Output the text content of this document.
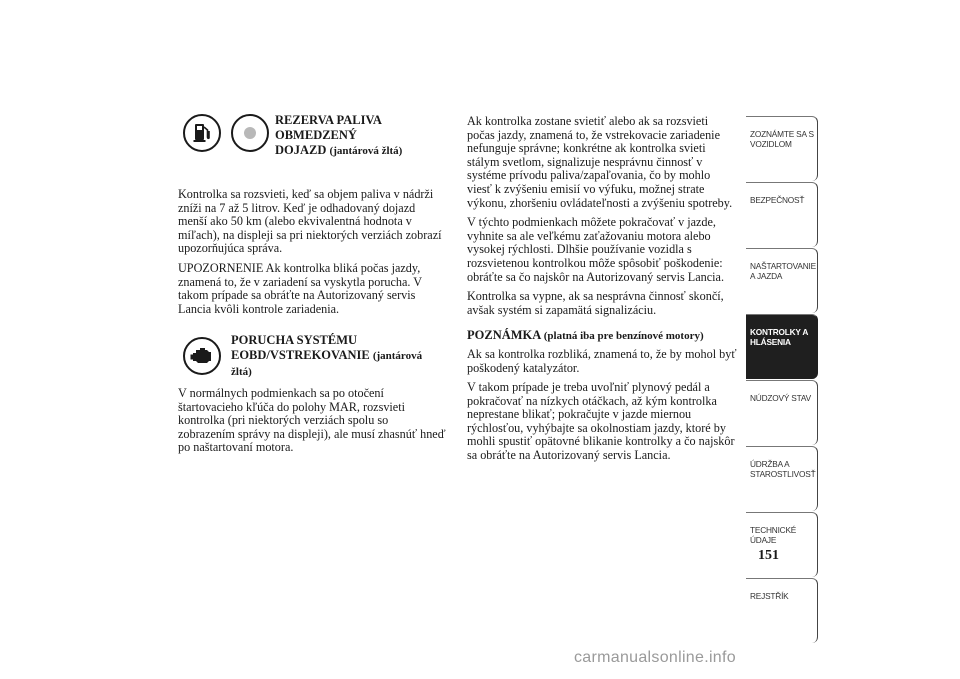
REZERVA PALIVA
OBMEDZENÝ
DOJAZD (jantárová žltá)

Kontrolka sa rozsvieti, keď sa objem paliva v nádrži zníži na 7 až 5 litrov. Keď je odhadovaný dojazd menší ako 50 km (alebo ekvivalentná hodnota v míľach), na displeji sa pri niektorých verziách zobrazí upozorňujúca správa.

UPOZORNENIE Ak kontrolka bliká počas jazdy, znamená to, že v zariadení sa vyskytla porucha. V takom prípade sa obráťte na Autorizovaný servis Lancia kvôli kontrole zariadenia.

PORUCHA SYSTÉMU
EOBD/VSTREKOVANIE (jantárová žltá)

V normálnych podmienkach sa po otočení štartovacieho kľúča do polohy MAR, rozsvieti kontrolka (pri niektorých verziách spolu so zobrazením správy na displeji), ale musí zhasnúť hneď po naštartovaní motora.

Ak kontrolka zostane svietiť alebo ak sa rozsvieti počas jazdy, znamená to, že vstrekovacie zariadenie nefunguje správne; konkrétne ak kontrolka svieti stálym svetlom, signalizuje nesprávnu činnosť v systéme prívodu paliva/zapaľovania, čo by mohlo viesť k zvýšeniu emisií vo výfuku, možnej strate výkonu, zhoršeniu ovládateľnosti a zvýšeniu spotreby.

V týchto podmienkach môžete pokračovať v jazde, vyhnite sa ale veľkému zaťažovaniu motora alebo vysokej rýchlosti. Dlhšie používanie vozidla s rozsvietenou kontrolkou môže spôsobiť poškodenie: obráťte sa čo najskôr na Autorizovaný servis Lancia.

Kontrolka sa vypne, ak sa nesprávna činnosť skončí, avšak systém si zapamätá signalizáciu.

POZNÁMKA (platná iba pre benzínové motory)

Ak sa kontrolka rozbliká, znamená to, že by mohol byť poškodený katalyzátor.

V takom prípade je treba uvoľniť plynový pedál a pokračovať na nízkych otáčkach, až kým kontrolka neprestane blikať; pokračujte v jazde miernou rýchlosťou, vyhýbajte sa okolnostiam jazdy, ktoré by mohli spustiť opätovné blikanie kontrolky a čo najskôr sa obráťte na Autorizovaný servis Lancia.

ZOZNÁMTE SA S
VOZIDLOM
BEZPEČNOSŤ
NAŠTARTOVANIE
A JAZDA
KONTROLKY A
HLÁSENIA
NÚDZOVÝ STAV
ÚDRŽBA A
STAROSTLIVOSŤ
TECHNICKÉ
ÚDAJE
REJSTŘÍK
151
carmanualsonline.info
